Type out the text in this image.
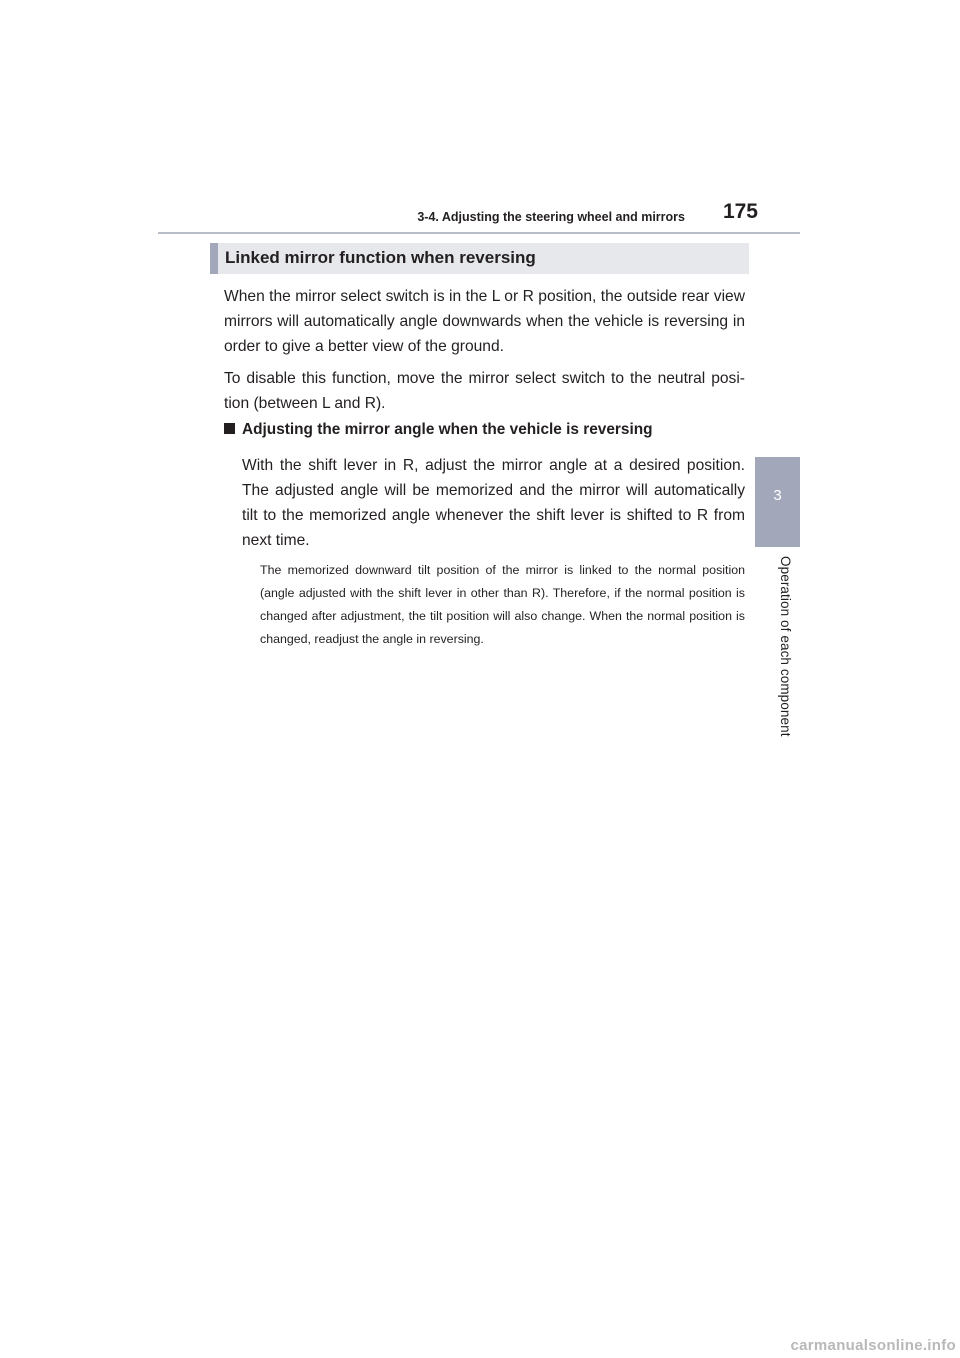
3-4. Adjusting the steering wheel and mirrors 175
3
Operation of each component
Linked mirror function when reversing

When the mirror select switch is in the L or R position, the outside rear view mirrors will automatically angle downwards when the vehicle is reversing in order to give a better view of the ground.

To disable this function, move the mirror select switch to the neutral posi-tion (between L and R).

Adjusting the mirror angle when the vehicle is reversing

With the shift lever in R, adjust the mirror angle at a desired position. The adjusted angle will be memorized and the mirror will automatically tilt to the memorized angle whenever the shift lever is shifted to R from next time.

The memorized downward tilt position of the mirror is linked to the normal position (angle adjusted with the shift lever in other than R). Therefore, if the normal position is changed after adjustment, the tilt position will also change. When the normal position is changed, readjust the angle in reversing.

carmanualsonline.info
